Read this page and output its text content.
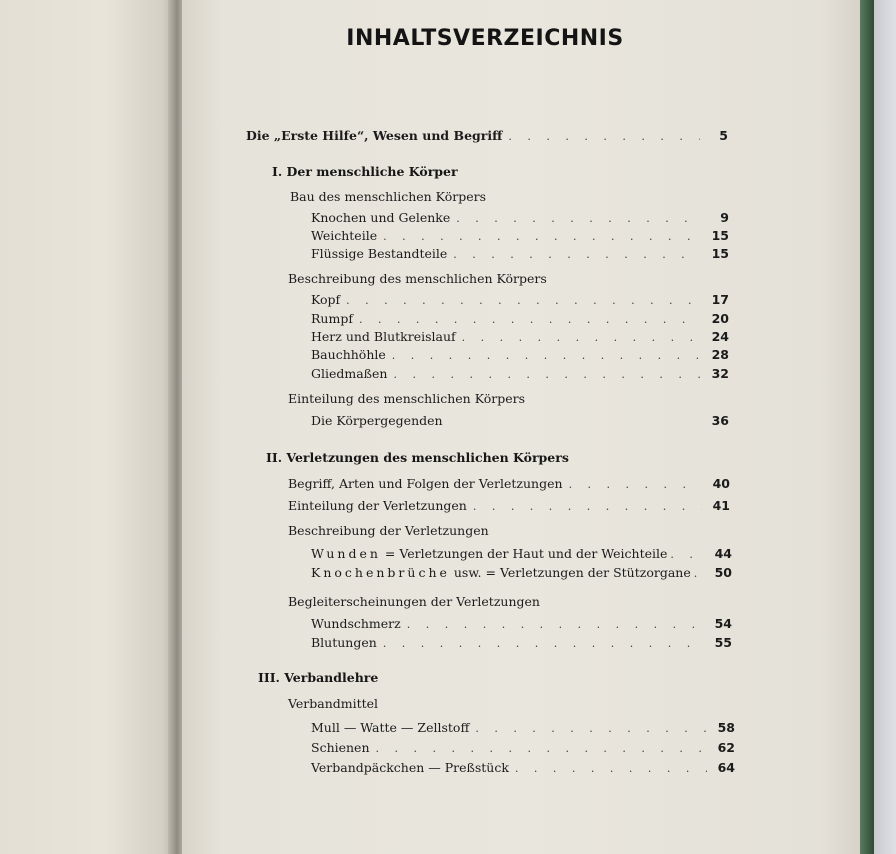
INHALTSVERZEICHNIS
Die „Erste Hilfe“, Wesen und Begriff . . .	5
I. Der menschliche Körper
Bau des menschlichen Körpers
Knochen und Gelenke . . .	9
Weichteile . . .	15
Flüssige Bestandteile . . .	15
Beschreibung des menschlichen Körpers
Kopf . . .	17
Rumpf . . .	20
Herz und Blutkreislauf . . .	24
Bauchhöhle . . .	28
Gliedmaßen . . .	32
Einteilung des menschlichen Körpers
Die Körpergegenden	36
II. Verletzungen des menschlichen Körpers
Begriff, Arten und Folgen der Verletzungen . . .	40
Einteilung der Verletzungen . . .	41
Beschreibung der Verletzungen
Wunden = Verletzungen der Haut und der Weichteile . . .	44
Knochenbrüche usw. = Verletzungen der Stützorgane . . .	50
Begleiterscheinungen der Verletzungen
Wundschmerz . . .	54
Blutungen . . .	55
III. Verbandlehre
Verbandmittel
Mull — Watte — Zellstoff . . .	58
Schienen . . .	62
Verbandpäckchen — Preßstück . . .	64
